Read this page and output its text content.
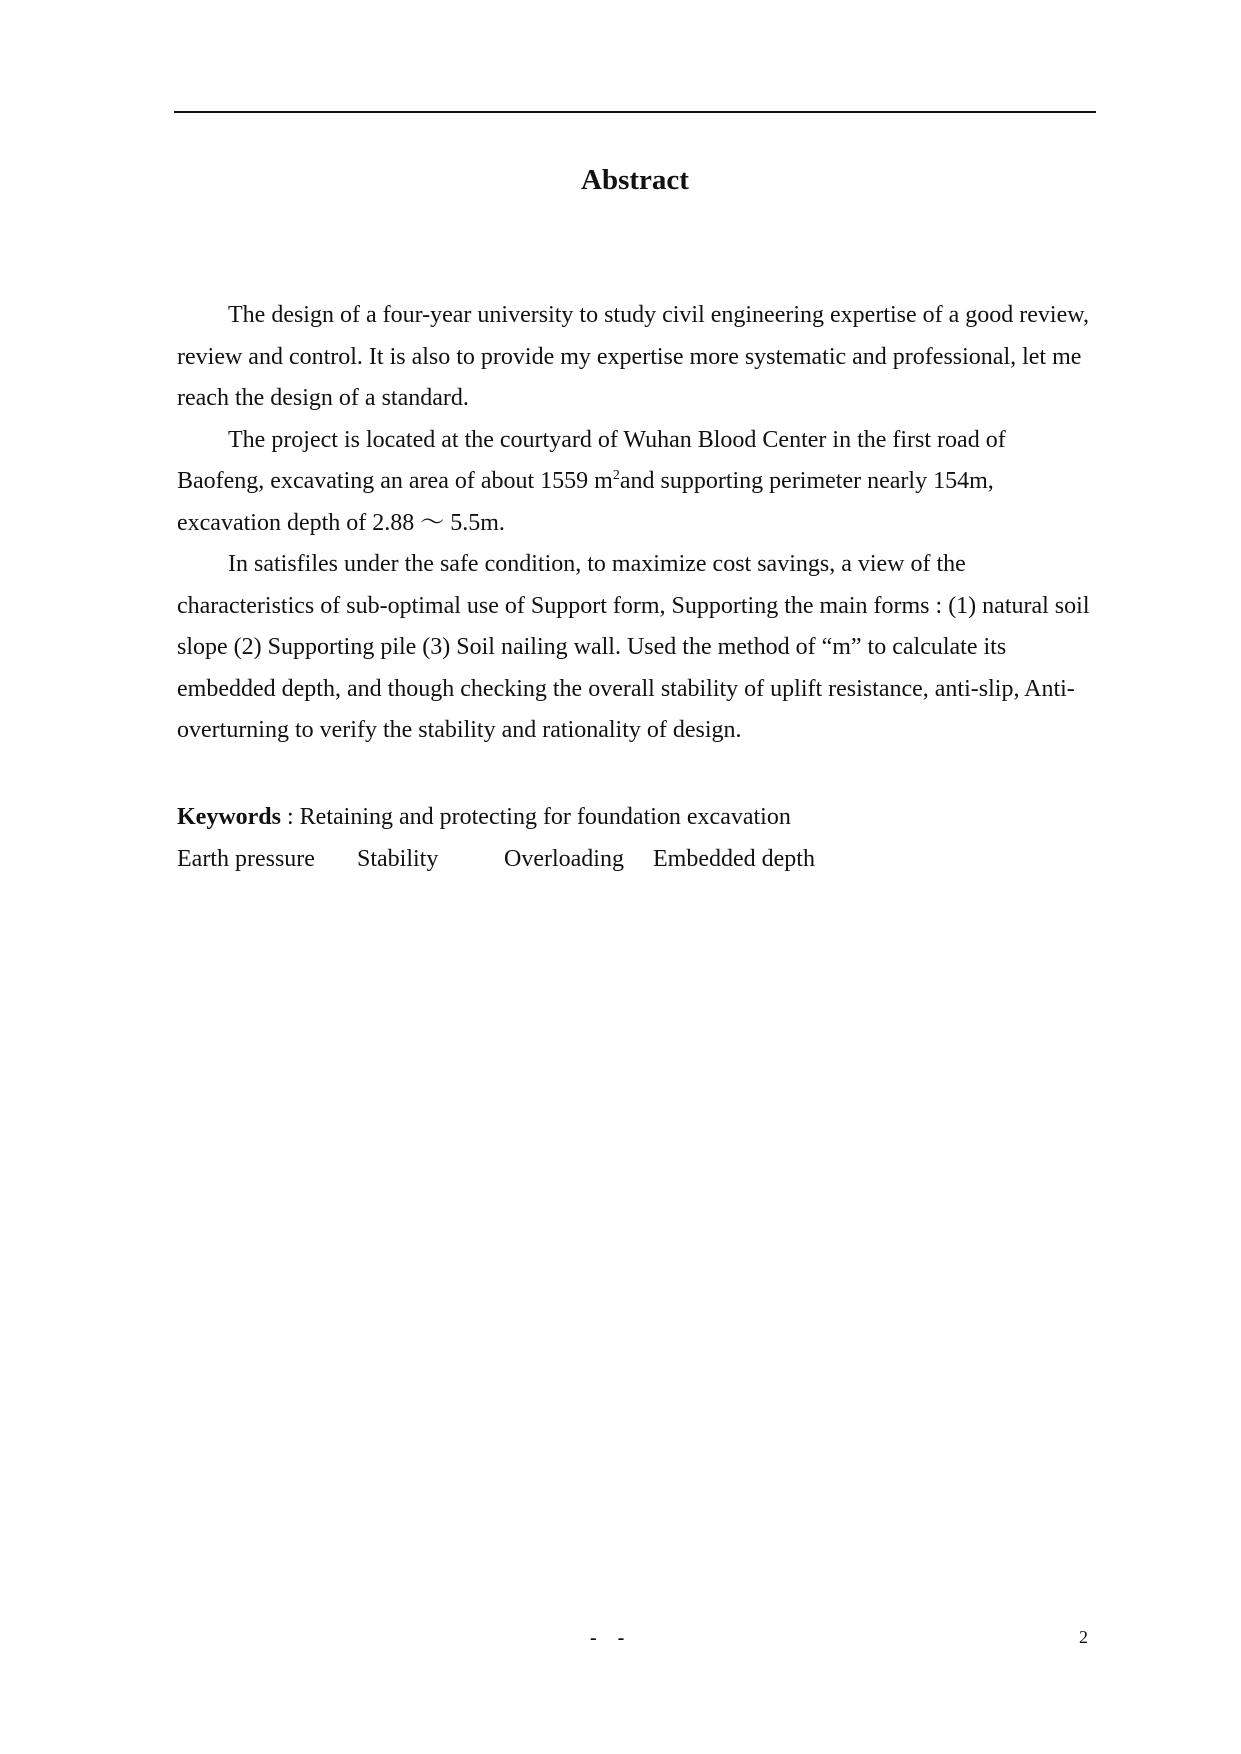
Abstract

The design of a four-year university to study civil engineering expertise of a good review, review and control. It is also to provide my expertise more systematic and professional, let me reach the design of a standard.

The project is located at the courtyard of Wuhan Blood Center in the first road of Baofeng, excavating an area of about 1559 $m^2and$ supporting perimeter nearly 154m, excavation depth of 2.88 ～ 5.5m.

In satisfiles under the safe condition, to maximize cost savings, a view of the characteristics of sub-optimal use of Support form, Supporting the main forms : (1) natural soil slope (2) Supporting pile (3) Soil nailing wall. Used the method of “m” to calculate its embedded depth, and though checking the overall stability of uplift resistance, anti-slip, Anti-overturning to verify the stability and rationality of design.

Keywords : Retaining and protecting for foundation excavation
Earth pressure Stability	Overloading Embedded depth
- -	2
